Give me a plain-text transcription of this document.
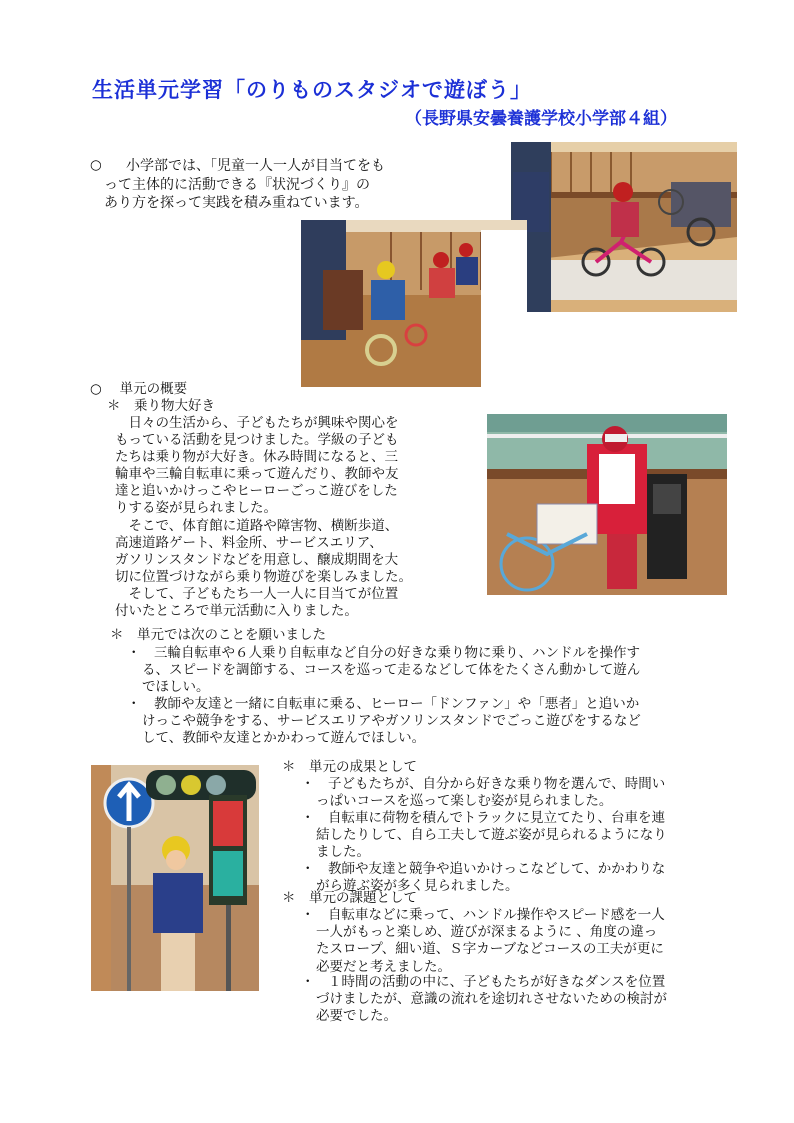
生活単元学習「のりものスタジオで遊ぼう」
（長野県安曇養護学校小学部４組）
○ 　小学部では、「児童一人一人が目当てをも
って主体的に活動できる『状況づくり』の
あり方を探って実践を積み重ねています。
○　 単元の概要
＊　乗り物大好き
　日々の生活から、子どもたちが興味や関心を
もっている活動を見つけました。学級の子ども
たちは乗り物が大好き。休み時間になると、三
輪車や三輪自転車に乗って遊んだり、教師や友
達と追いかけっこやヒーローごっこ遊びをした
りする姿が見られました。
　そこで、体育館に道路や障害物、横断歩道、
高速道路ゲート、料金所、サービスエリア、
ガソリンスタンドなどを用意し、醸成期間を大
切に位置づけながら乗り物遊びを楽しみました。
　そして、子どもたち一人一人に目当てが位置
付いたところで単元活動に入りました。
＊　単元では次のことを願いました
・　三輪自転車や６人乗り自転車など自分の好きな乗り物に乗り、ハンドルを操作す
る、スピードを調節する、コースを巡って走るなどして体をたくさん動かして遊ん
でほしい。
・　教師や友達と一緒に自転車に乗る、ヒーロー「ドンファン」や「悪者」と追いか
けっこや競争をする、サービスエリアやガソリンスタンドでごっこ遊びをするなど
して、教師や友達とかかわって遊んでほしい。
＊　単元の成果として
・　子どもたちが、自分から好きな乗り物を選んで、時間い
っぱいコースを巡って楽しむ姿が見られました。
・　自転車に荷物を積んでトラックに見立てたり、台車を連
結したりして、自ら工夫して遊ぶ姿が見られるようになり
ました。
・　教師や友達と競争や追いかけっこなどして、かかわりな
がら遊ぶ姿が多く見られました。
＊　単元の課題として
・　自転車などに乗って、ハンドル操作やスピード感を一人
一人がもっと楽しめ、遊びが深まるように 、角度の違っ
たスロープ、細い道、Ｓ字カーブなどコースの工夫が更に
必要だと考えました。
・　１時間の活動の中に、子どもたちが好きなダンスを位置
づけましたが、意識の流れを途切れさせないための検討が
必要でした。
